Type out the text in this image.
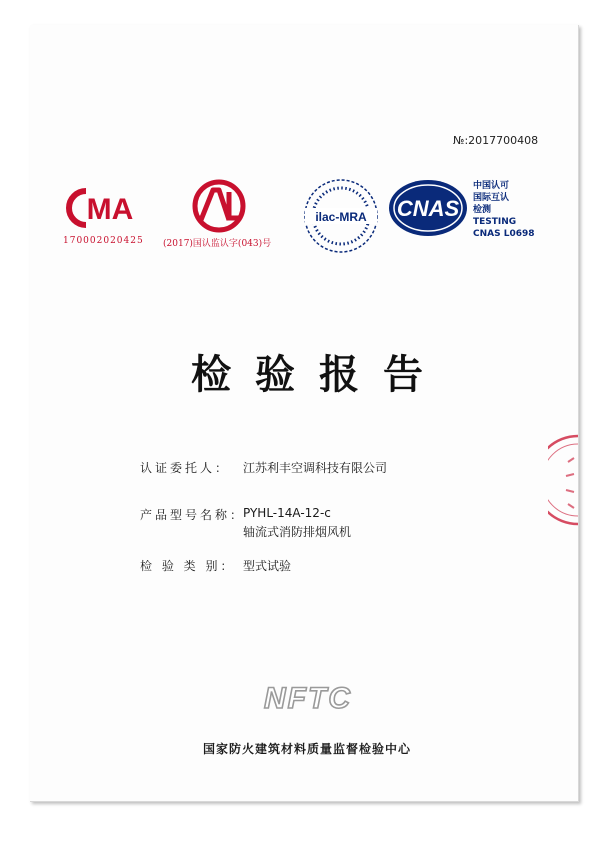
№:2017700408
MA
170002020425 (2017)国认监认字(043)号
ilac-MRA CNAS
中国认可
国际互认
检测
TESTING
CNAS L0698
检验报告
认证委托人： 江苏利丰空调科技有限公司
产品型号名称：
PYHL-14A-12-c
轴流式消防排烟风机
检 验 类 别： 型式试验
NFTC
国家防火建筑材料质量监督检验中心
